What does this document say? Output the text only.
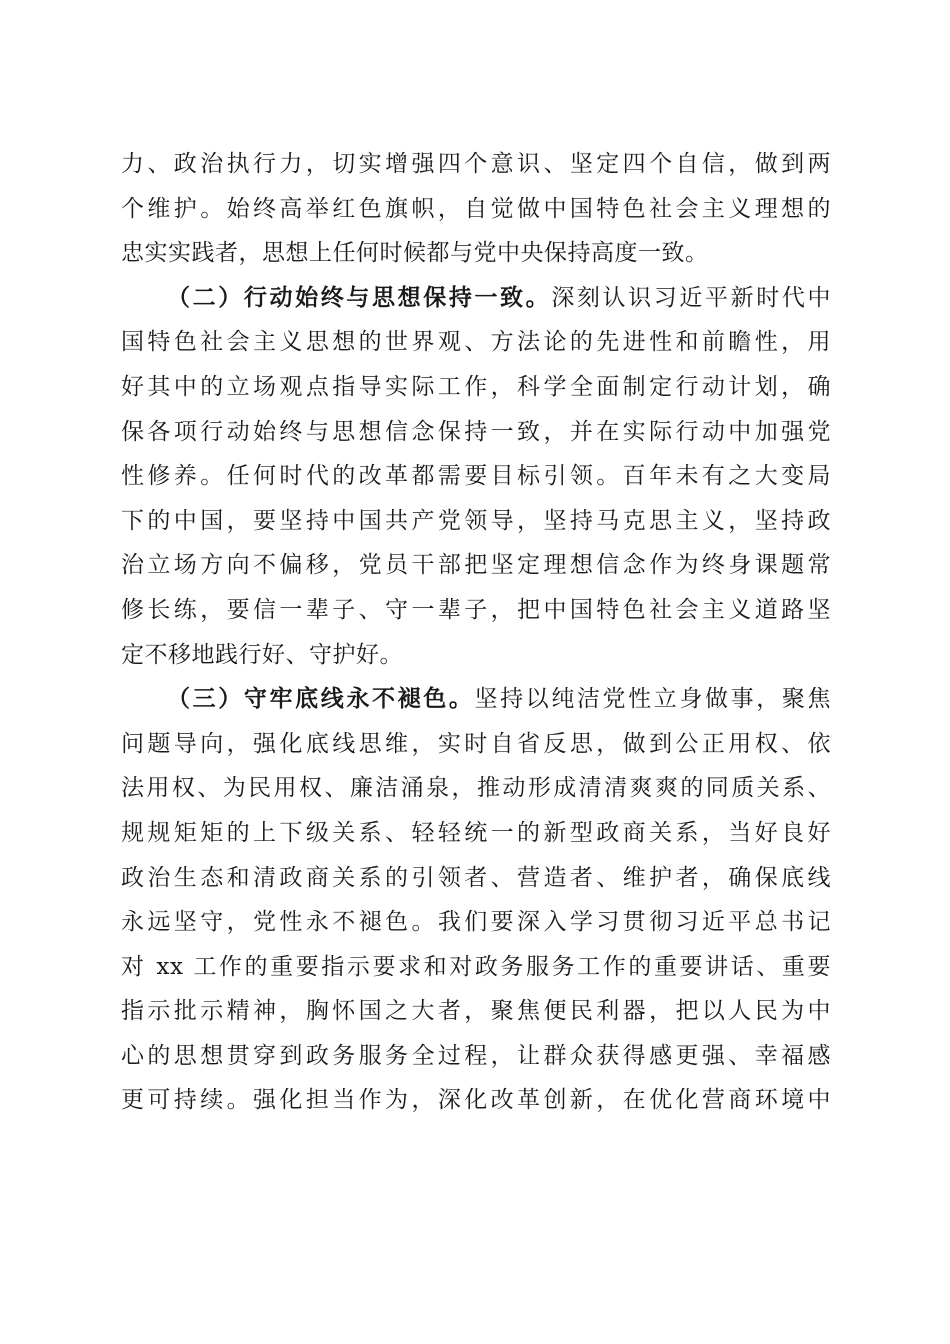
力、政治执行力，切实增强四个意识、坚定四个自信，做到两
个维护。始终高举红色旗帜，自觉做中国特色社会主义理想的
忠实实践者，思想上任何时候都与党中央保持高度一致。
（二）行动始终与思想保持一致。深刻认识习近平新时代中
国特色社会主义思想的世界观、方法论的先进性和前瞻性，用
好其中的立场观点指导实际工作，科学全面制定行动计划，确
保各项行动始终与思想信念保持一致，并在实际行动中加强党
性修养。任何时代的改革都需要目标引领。百年未有之大变局
下的中国，要坚持中国共产党领导，坚持马克思主义，坚持政
治立场方向不偏移，党员干部把坚定理想信念作为终身课题常
修长练，要信一辈子、守一辈子，把中国特色社会主义道路坚
定不移地践行好、守护好。
（三）守牢底线永不褪色。坚持以纯洁党性立身做事，聚焦
问题导向，强化底线思维，实时自省反思，做到公正用权、依
法用权、为民用权、廉洁涌泉，推动形成清清爽爽的同质关系、
规规矩矩的上下级关系、轻轻统一的新型政商关系，当好良好
政治生态和清政商关系的引领者、营造者、维护者，确保底线
永远坚守，党性永不褪色。我们要深入学习贯彻习近平总书记
对 xx 工作的重要指示要求和对政务服务工作的重要讲话、重要
指示批示精神，胸怀国之大者，聚焦便民利器，把以人民为中
心的思想贯穿到政务服务全过程，让群众获得感更强、幸福感
更可持续。强化担当作为，深化改革创新，在优化营商环境中
